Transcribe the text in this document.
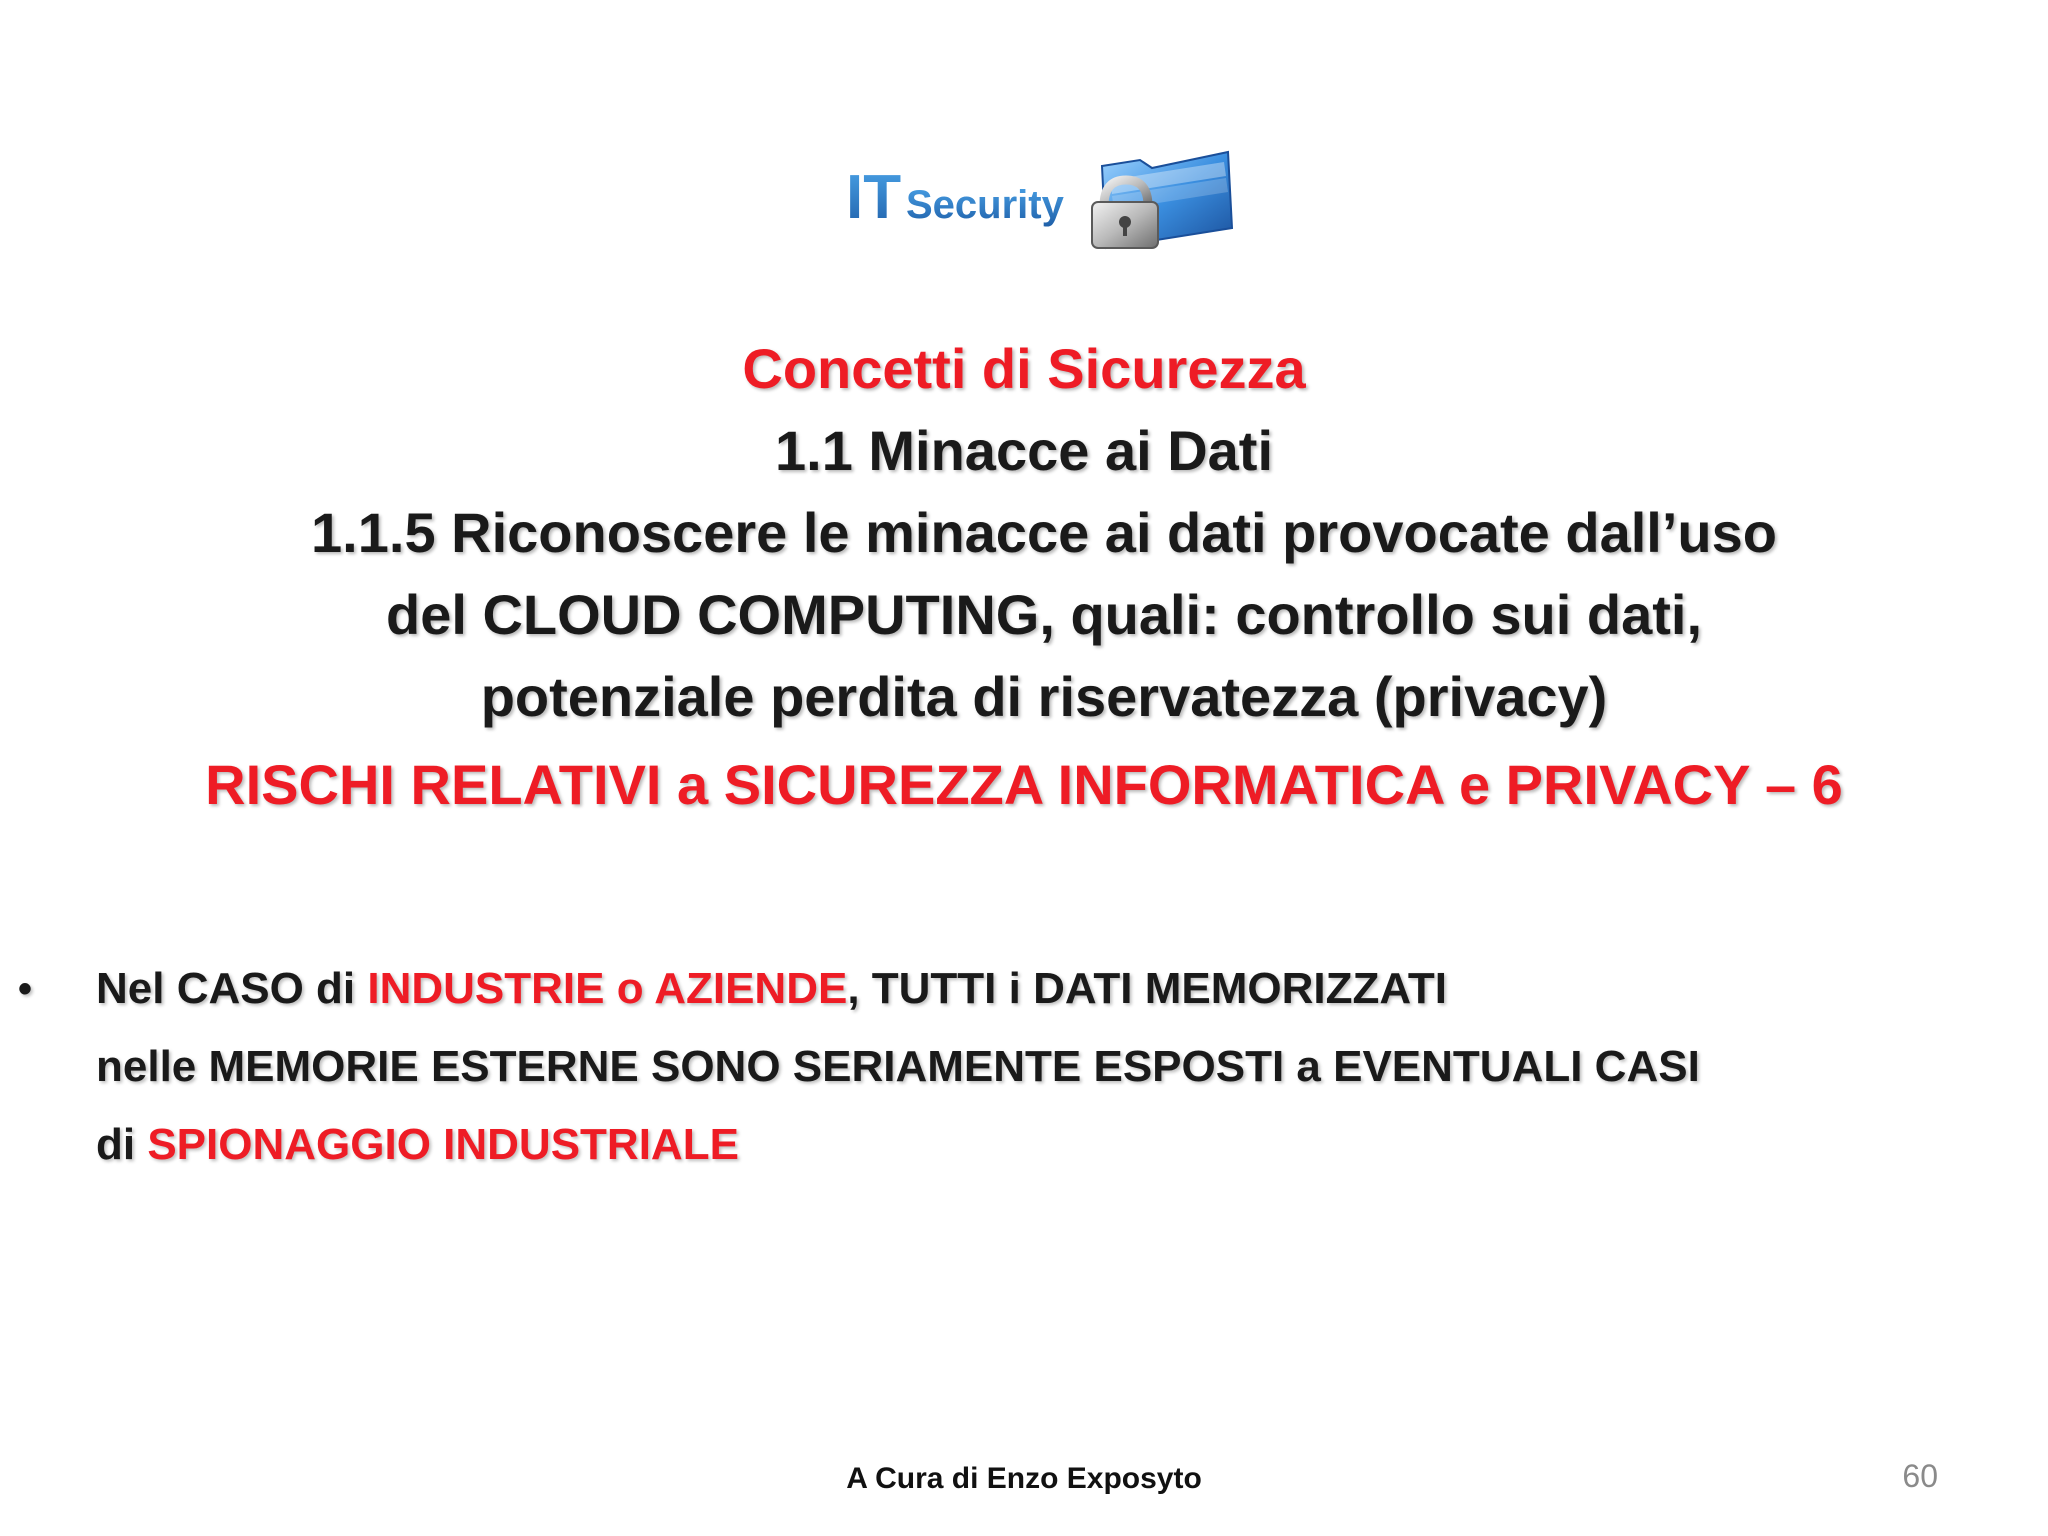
IT Security
Concetti di Sicurezza
1.1 Minacce ai Dati
1.1.5 Riconoscere le minacce ai dati provocate dall’uso
del CLOUD COMPUTING, quali: controllo sui dati,
potenziale perdita di riservatezza (privacy)
RISCHI RELATIVI a SICUREZZA INFORMATICA e PRIVACY – 6
•	Nel CASO di INDUSTRIE o AZIENDE, TUTTI i DATI MEMORIZZATI
nelle MEMORIE ESTERNE SONO SERIAMENTE ESPOSTI a EVENTUALI CASI
di SPIONAGGIO INDUSTRIALE
A Cura di Enzo Exposyto	60
